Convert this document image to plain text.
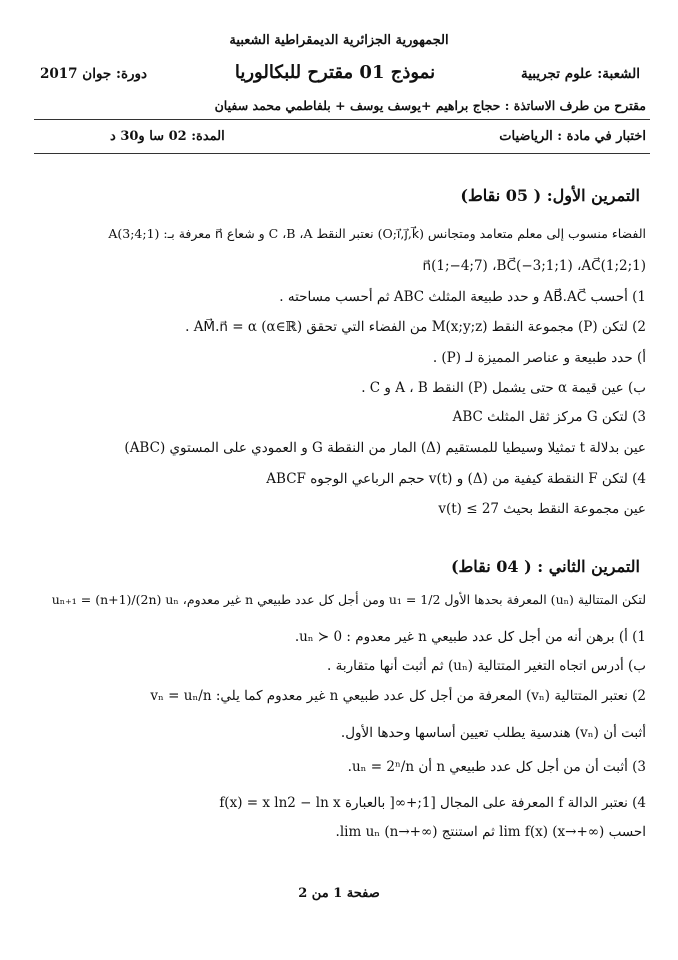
الجمهورية الجزائرية الديمقراطية الشعبية
الشعبة: علوم تجريبية
نموذج 01 مقترح للبكالوريا
دورة: جوان 2017
مقترح من طرف الاساتذة : حجاج براهيم +يوسف يوسف + بلفاطمي محمد سفيان
اختبار في مادة : الرياضيات
المدة: 02 سا و30 د
التمرين الأول: ( 05 نقاط)
الفضاء منسوب إلى معلم متعامد ومتجانس (O;i⃗,j⃗,k⃗) نعتبر النقط C ،B ،A و شعاع n⃗ معرفة بـ: A(3;4;1)
n⃗(1;−4;7) ،BC⃗(−3;1;1) ،AC⃗(1;2;1)
1) أحسب AB⃗.AC⃗ و حدد طبيعة المثلث ABC ثم أحسب مساحته .
2) لتكن (P) مجموعة النقط M(x;y;z) من الفضاء التي تحقق (α∈ℝ) AM⃗.n⃗ = α .
أ) حدد طبيعة و عناصر المميزة لـ (P) .
ب) عين قيمة α حتى يشمل (P) النقط A ، B و C .
3) لتكن G مركز ثقل المثلث ABC
عين بدلالة t تمثيلا وسيطيا للمستقيم (Δ) المار من النقطة G و العمودي على المستوي (ABC)
4) لتكن F النقطة كيفية من (Δ) و v(t) حجم الرباعي الوجوه ABCF
عين مجموعة النقط بحيث v(t) ≤ 27
التمرين الثاني : ( 04 نقاط)
لتكن المتتالية (uₙ) المعرفة بحدها الأول u₁ = 1/2 ومن أجل كل عدد طبيعي n غير معدوم، uₙ₊₁ = (n+1)/(2n) uₙ
1) أ) برهن أنه من أجل كل عدد طبيعي n غير معدوم : uₙ ≻ 0.
ب) أدرس اتجاه التغير المتتالية (uₙ) ثم أثبت أنها متقاربة .
2) نعتبر المتتالية (vₙ) المعرفة من أجل كل عدد طبيعي n غير معدوم كما يلي: vₙ = uₙ/n
أثبت أن (vₙ) هندسية يطلب تعيين أساسها وحدها الأول.
3) أثبت أن من أجل كل عدد طبيعي n أن uₙ = 2ⁿ/n.
4) نعتبر الدالة f المعرفة على المجال [1;+∞[ بالعبارة f(x) = x ln2 − ln x
احسب lim f(x) (x→+∞) ثم استنتج lim uₙ (n→+∞).
صفحة 1 من 2
